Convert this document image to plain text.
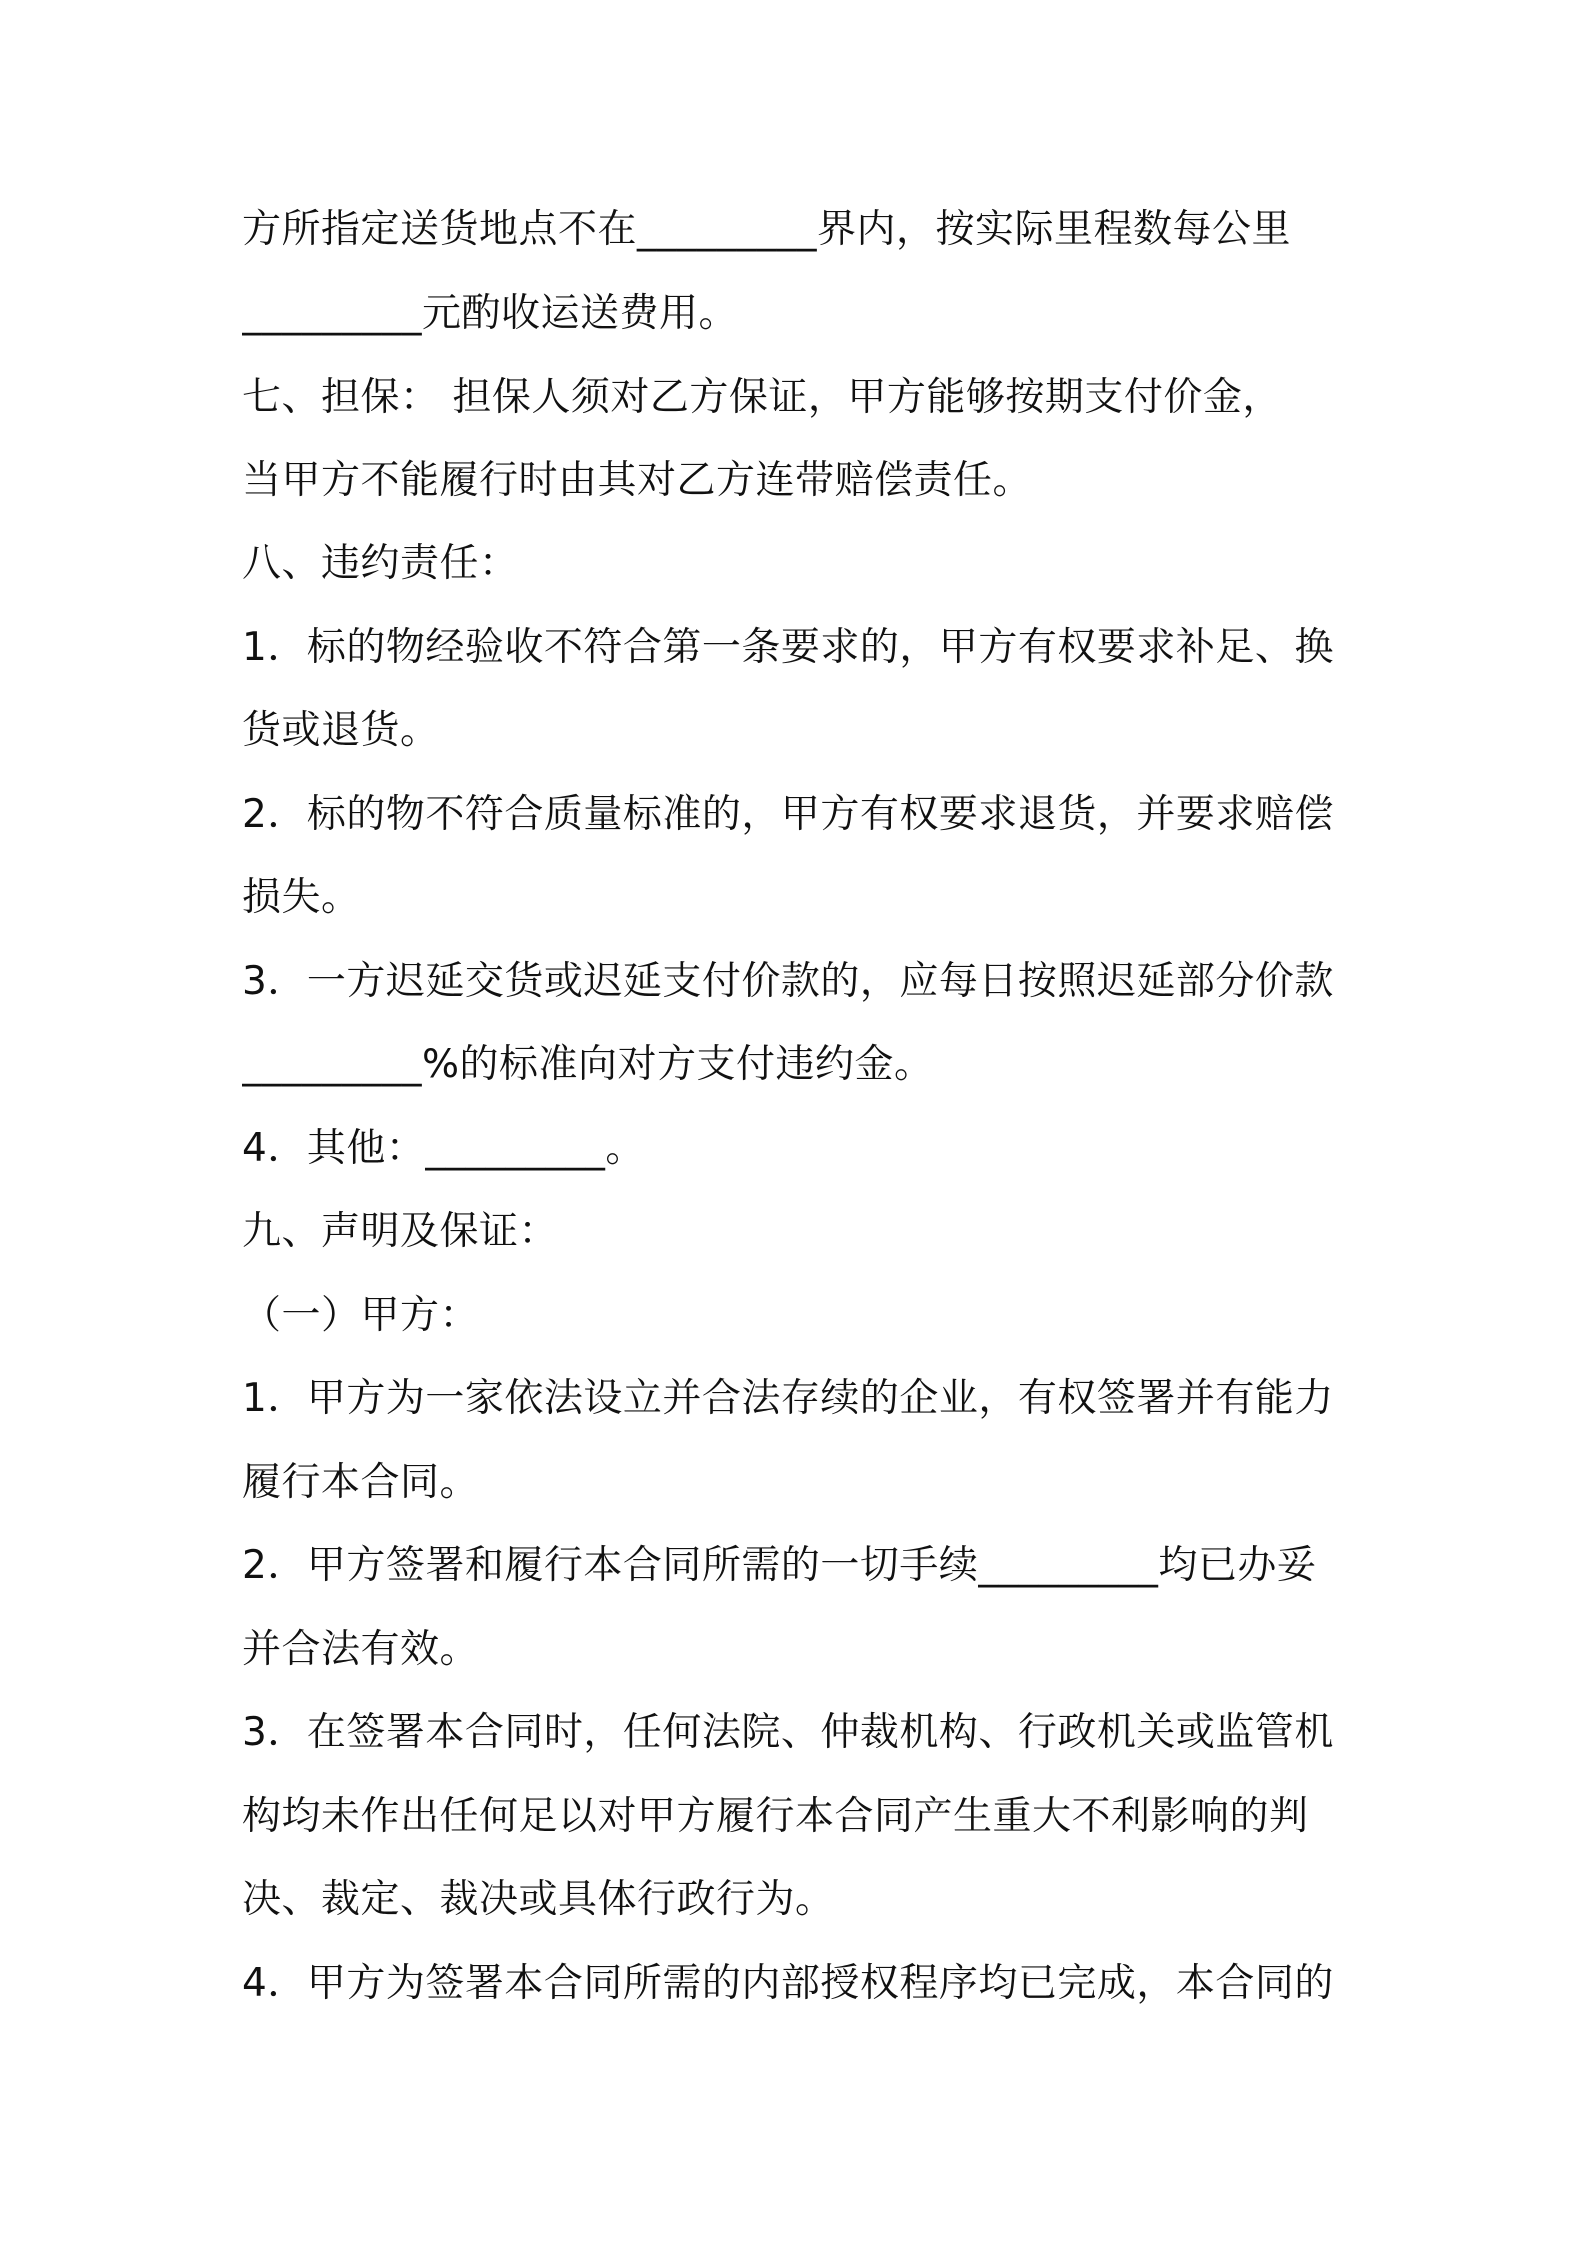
方所指定送货地点不在_________界内，按实际里程数每公里
_________元酌收运送费用。
七、担保： 担保人须对乙方保证，甲方能够按期支付价金，
当甲方不能履行时由其对乙方连带赔偿责任。
八、违约责任：
1．标的物经验收不符合第一条要求的，甲方有权要求补足、换
货或退货。
2．标的物不符合质量标准的，甲方有权要求退货，并要求赔偿
损失。
3．一方迟延交货或迟延支付价款的，应每日按照迟延部分价款
_________%的标准向对方支付违约金。
4．其他：_________。
九、声明及保证：
（一）甲方：
1．甲方为一家依法设立并合法存续的企业，有权签署并有能力
履行本合同。
2．甲方签署和履行本合同所需的一切手续_________均已办妥
并合法有效。
3．在签署本合同时，任何法院、仲裁机构、行政机关或监管机
构均未作出任何足以对甲方履行本合同产生重大不利影响的判
决、裁定、裁决或具体行政行为。
4．甲方为签署本合同所需的内部授权程序均已完成，本合同的
